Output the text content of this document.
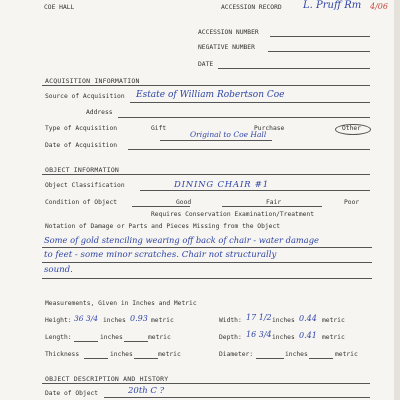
COE HALL	ACCESSION RECORD L. Pruff Rm 4/06
ACCESSION NUMBER
NEGATIVE NUMBER
DATE
ACQUISITION INFORMATION
Source of Acquisition Estate of William Robertson Coe
Address
Type of Acquisition	Gift	Purchase	Other
Original to Coe Hall
Date of Acquisition
OBJECT INFORMATION
Object Classification	DINING CHAIR #1
Condition of Object	Good	Fair	Poor
Requires Conservation Examination/Treatment
Notation of Damage or Parts and Pieces Missing from the Object
Some of gold stenciling wearing off back of chair - water damage
to feet - some minor scratches. Chair not structurally
sound.
Measurements, Given in Inches and Metric
Height: 36 3/4 inches 0.93 metric	Width: 17 1/2 inches 0.44 metric
Length:	inches	metric	Depth: 16 3/4 inches 0.41 metric
Thickness	inches	metric	Diameter:	inches	metric
OBJECT DESCRIPTION AND HISTORY
Date of Object	20th C ?
